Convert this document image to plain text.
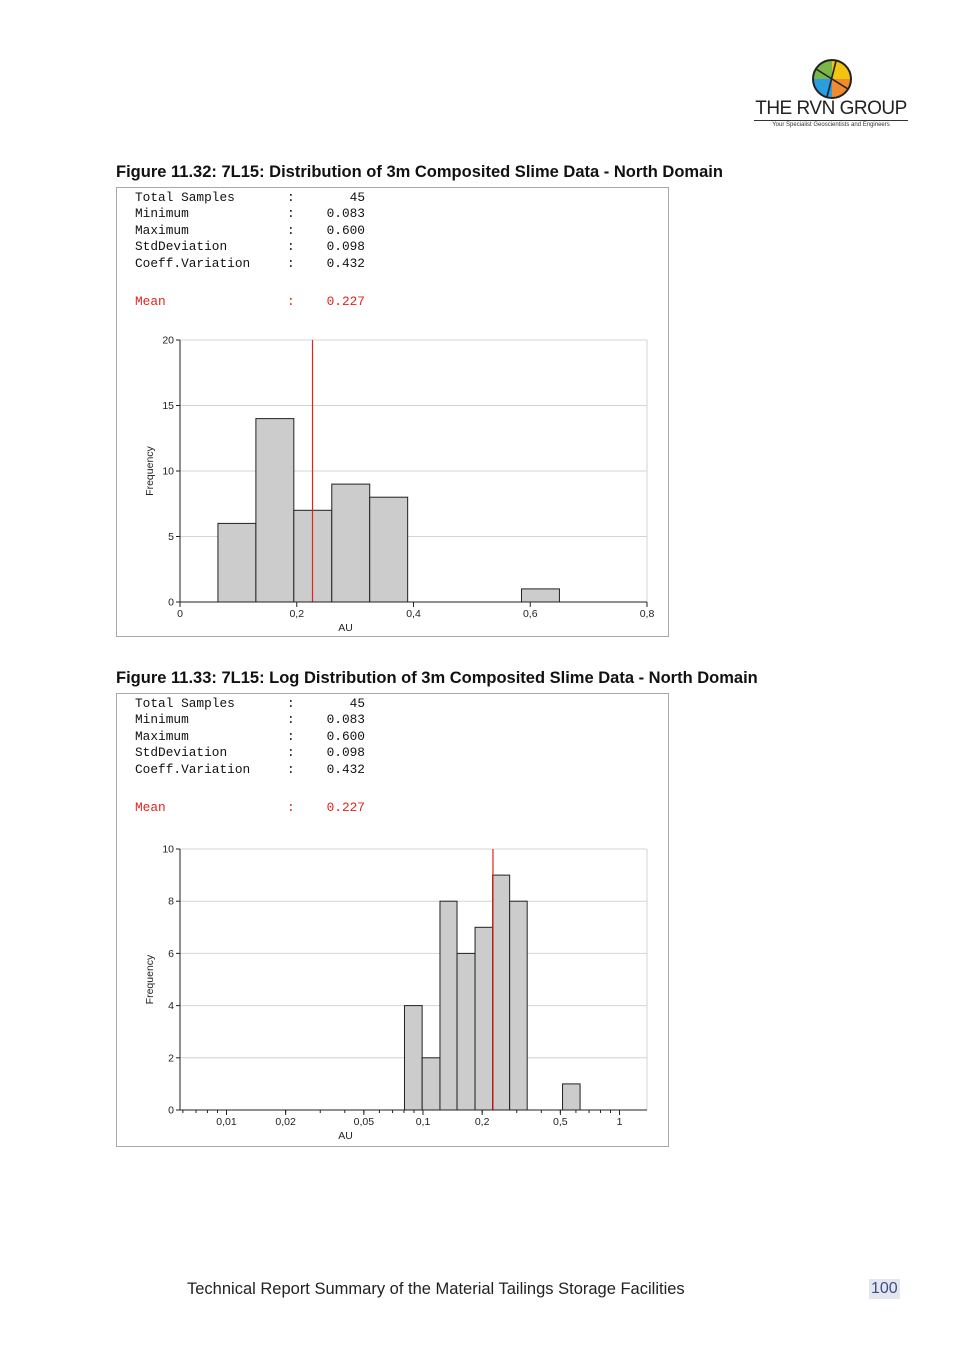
THE RVN GROUP
Your Specialist Geoscientists and Engineers
Figure 11.32: 7L15: Distribution of 3m Composited Slime Data - North Domain
Total Samples	:	45
Minimum	:	0.083
Maximum	:	0.600
StdDeviation	:	0.098
Coeff.Variation	:	0.432
Mean	:	0.227
0
5
10
15
20
0	0,2	0,4	0,6	0,8
AU
Frequency
Figure 11.33: 7L15: Log Distribution of 3m Composited Slime Data - North Domain
Total Samples	:	45
Minimum	:	0.083
Maximum	:	0.600
StdDeviation	:	0.098
Coeff.Variation	:	0.432
Mean	:	0.227
0
2
4
6
8
10
0,01	0,02	0,05	0,1	0,2	0,5	1
AU
Frequency
Technical Report Summary of the Material Tailings Storage Facilities	100
